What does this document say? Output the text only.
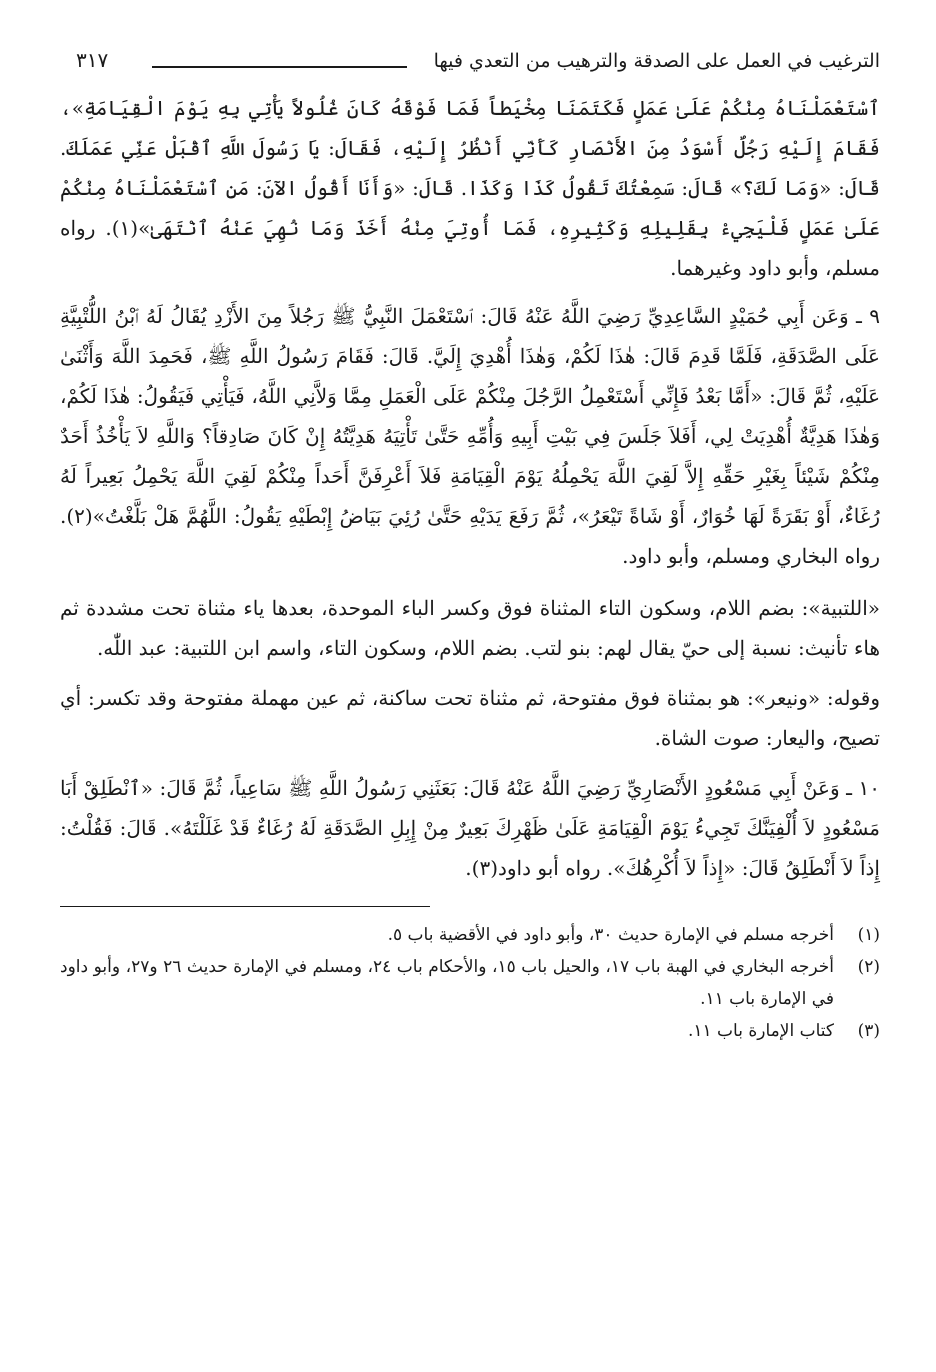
الترغيب في العمل على الصدقة والترهيب من التعدي فيها
٣١٧

ٱسْتَعْمَلْنَاهُ مِنْكُمْ عَلَىٰ عَمَلٍ فَكَتَمَنَا مِخْيَطاً فَمَا فَوْقَهُ كَانَ غُلُولاً يَأْتِي بِهِ يَوْمَ الْقِيَامَةِ»، فَقَامَ إِلَيْهِ رَجُلٌ أَسْوَدُ مِنَ الأَنْصَارِ كَأَنِّي أَنْظُرُ إِلَيْهِ، فَقَالَ: يَا رَسُولَ اللَّهِ ٱقْبَلْ عَنِّي عَمَلَكَ. قَالَ: «وَمَا لَكَ؟» قَالَ: سَمِعْتُكَ تَقُولُ كَذَا وَكَذَا. قَالَ: «وَأَنَا أَقُولُ الآنَ: مَنِ ٱسْتَعْمَلْنَاهُ مِنْكُمْ عَلَىٰ عَمَلٍ فَلْيَجِيءْ بِقَلِيلِهِ وَكَثِيرِهِ، فَمَا أُوتِيَ مِنْهُ أَخَذَ وَمَا نُهِيَ عَنْهُ ٱنْتَهَىٰ»(١). رواه مسلم، وأبو داود وغيرهما.

٩ ـ وَعَن أَبِي حُمَيْدٍ السَّاعِدِيِّ رَضِيَ اللَّهُ عَنْهُ قَالَ: ٱسْتَعْمَلَ النَّبِيُّ ﷺ رَجُلاً مِنَ الأَزْدِ يُقَالُ لَهُ ٱبْنُ اللُّتْبِيَّةِ عَلَى الصَّدَقَةِ، فَلَمَّا قَدِمَ قَالَ: هٰذَا لَكُمْ، وَهٰذَا أُهْدِيَ إِلَيَّ. قَالَ: فَقَامَ رَسُولُ اللَّهِ ﷺ، فَحَمِدَ اللَّهَ وَأَثْنَىٰ عَلَيْهِ، ثُمَّ قَالَ: «أَمَّا بَعْدُ فَإِنِّي أَسْتَعْمِلُ الرَّجُلَ مِنْكُمْ عَلَى الْعَمَلِ مِمَّا وَلاَّنِي اللَّهُ، فَيَأْتِي فَيَقُولُ: هٰذَا لَكُمْ، وَهٰذَا هَدِيَّةٌ أُهْدِيَتْ لِي، أَفَلاَ جَلَسَ فِي بَيْتِ أَبِيهِ وَأُمِّهِ حَتَّىٰ تَأْتِيَهُ هَدِيَّتُهُ إِنْ كَانَ صَادِقاً؟ وَاللَّهِ لاَ يَأْخُذُ أَحَدٌ مِنْكُمْ شَيْئاً بِغَيْرِ حَقِّهِ إِلاَّ لَقِيَ اللَّهَ يَحْمِلُهُ يَوْمَ الْقِيَامَةِ فَلاَ أَعْرِفَنَّ أَحَداً مِنْكُمْ لَقِيَ اللَّهَ يَحْمِلُ بَعِيراً لَهُ رُغَاءٌ، أَوْ بَقَرَةً لَهَا خُوَارٌ، أَوْ شَاةً تَيْعَرُ»، ثُمَّ رَفَعَ يَدَيْهِ حَتَّىٰ رُئِيَ بَيَاضُ إِبْطَيْهِ يَقُولُ: اللَّهُمَّ هَلْ بَلَّغْتُ»(٢). رواه البخاري ومسلم، وأبو داود.

«اللتبية»: بضم اللام، وسكون التاء المثناة فوق وكسر الباء الموحدة، بعدها ياء مثناة تحت مشددة ثم هاء تأنيث: نسبة إلى حيّ يقال لهم: بنو لتب. بضم اللام، وسكون التاء، واسم ابن اللتبية: عبد اللّٰه.

وقوله: «ونيعر»: هو بمثناة فوق مفتوحة، ثم مثناة تحت ساكنة، ثم عين مهملة مفتوحة وقد تكسر: أي تصيح، واليعار: صوت الشاة.

١٠ ـ وَعَنْ أَبِي مَسْعُودٍ الأَنْصَارِيِّ رَضِيَ اللَّهُ عَنْهُ قَالَ: بَعَثَنِي رَسُولُ اللَّهِ ﷺ سَاعِياً، ثُمَّ قَالَ: «ٱنْطَلِقْ أَبَا مَسْعُودٍ لاَ أُلْفِيَنَّكَ تَجِيءُ يَوْمَ الْقِيَامَةِ عَلَىٰ ظَهْرِكَ بَعِيرٌ مِنْ إِبِلِ الصَّدَقَةِ لَهُ رُغَاءٌ قَدْ غَلَلْتَهُ». قَالَ: فَقُلْتُ: إِذاً لاَ أَنْطَلِقُ قَالَ: «إِذاً لاَ أُكْرِهُكَ». رواه أبو داود(٣).

(١)
أخرجه مسلم في الإمارة حديث ٣٠، وأبو داود في الأقضية باب ٥.
(٢)
أخرجه البخاري في الهبة باب ١٧، والحيل باب ١٥، والأحكام باب ٢٤، ومسلم في الإمارة حديث ٢٦ و٢٧، وأبو داود في الإمارة باب ١١.
(٣)
كتاب الإمارة باب ١١.
